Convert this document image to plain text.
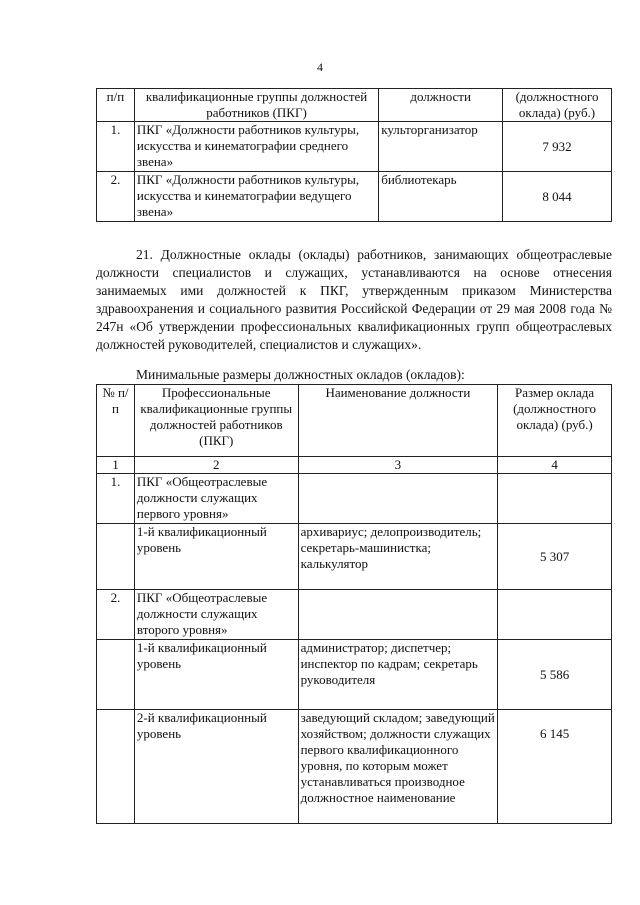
4
п/п	квалификационные группы должностей работников (ПКГ)	должности	(должностного оклада) (руб.)
1.	ПКГ «Должности работников культуры, искусства и кинематографии среднего звена»	культорганизатор	7 932
2.	ПКГ «Должности работников культуры, искусства и кинематографии ведущего звена»	библиотекарь	8 044
21. Должностные оклады (оклады) работников, занимающих общеотраслевые должности специалистов и служащих, устанавливаются на основе отнесения занимаемых ими должностей к ПКГ, утвержденным приказом Министерства здравоохранения и социального развития Российской Федерации от 29 мая 2008 года № 247н «Об утверждении профессиональных квалификационных групп общеотраслевых должностей руководителей, специалистов и служащих».
Минимальные размеры должностных окладов (окладов):
№ п/п	Профессиональные квалификационные группы должностей работников (ПКГ)	Наименование должности	Размер оклада (должностного оклада) (руб.)
1	2	3	4
1.	ПКГ «Общеотраслевые должности служащих первого уровня»		
	1-й квалификационный уровень	архивариус; делопроизводитель; секретарь-машинистка; калькулятор	5 307
2.	ПКГ «Общеотраслевые должности служащих второго уровня»		
	1-й квалификационный уровень	администратор; диспетчер; инспектор по кадрам; секретарь руководителя	5 586
	2-й квалификационный уровень	заведующий складом; заведующий хозяйством; должности служащих первого квалификационного уровня, по которым может устанавливаться производное должностное наименование	6 145
